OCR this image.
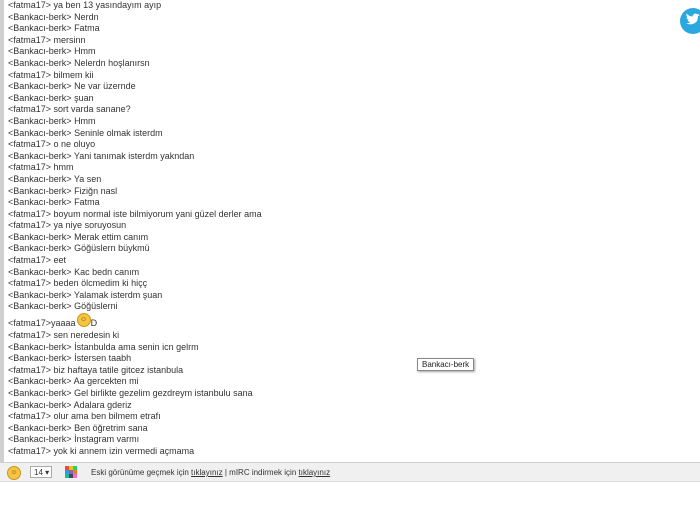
<fatma17> ya ben 13 yasındayım ayıp
<Bankacı-berk> Nerdn
<Bankacı-berk> Fatma
<fatma17> mersinn
<Bankacı-berk> Hmm
<Bankacı-berk> Nelerdn hoşlanırsn
<fatma17> bilmem kii
<Bankacı-berk> Ne var üzernde
<Bankacı-berk> şuan
<fatma17> sort varda sanane?
<Bankacı-berk> Hmm
<Bankacı-berk> Seninle olmak isterdm
<fatma17> o ne oluyo
<Bankacı-berk> Yani tanımak isterdm yakndan
<fatma17> hmm
<Bankacı-berk> Ya sen
<Bankacı-berk> Fiziğn nasl
<Bankacı-berk> Fatma
<fatma17> boyum normal iste bilmiyorum yani güzel derler ama
<fatma17> ya niye soruyosun
<Bankacı-berk> Merak ettim canım
<Bankacı-berk> Göğüslern büykmü
<fatma17> eet
<Bankacı-berk> Kac bedn canım
<fatma17> beden ölcmedim ki hiçç
<Bankacı-berk> Yalamak isterdm şuan
<Bankacı-berk> Göğüslerni
<fatma17> yaaaa ☺ D
<fatma17> sen neredesin ki
<Bankacı-berk> İstanbulda ama senin icn gelrm
<Bankacı-berk> İstersen taabh
<fatma17> biz haftaya tatile gitcez istanbula
<Bankacı-berk> Aa gercekten mi
<Bankacı-berk> Gel birlikte gezelim gezdreym istanbulu sana
<Bankacı-berk> Adalara gderiz
<fatma17> olur ama ben bilmem etrafı
<Bankacı-berk> Ben öğretrim sana
<Bankacı-berk> İnstagram varmı
<fatma17> yok ki annem izin vermedi açmama
Bankacı-berk
☺	14 ▾	Eski görünüme geçmek için tıklayınız | mIRC indirmek için tıklayınız
